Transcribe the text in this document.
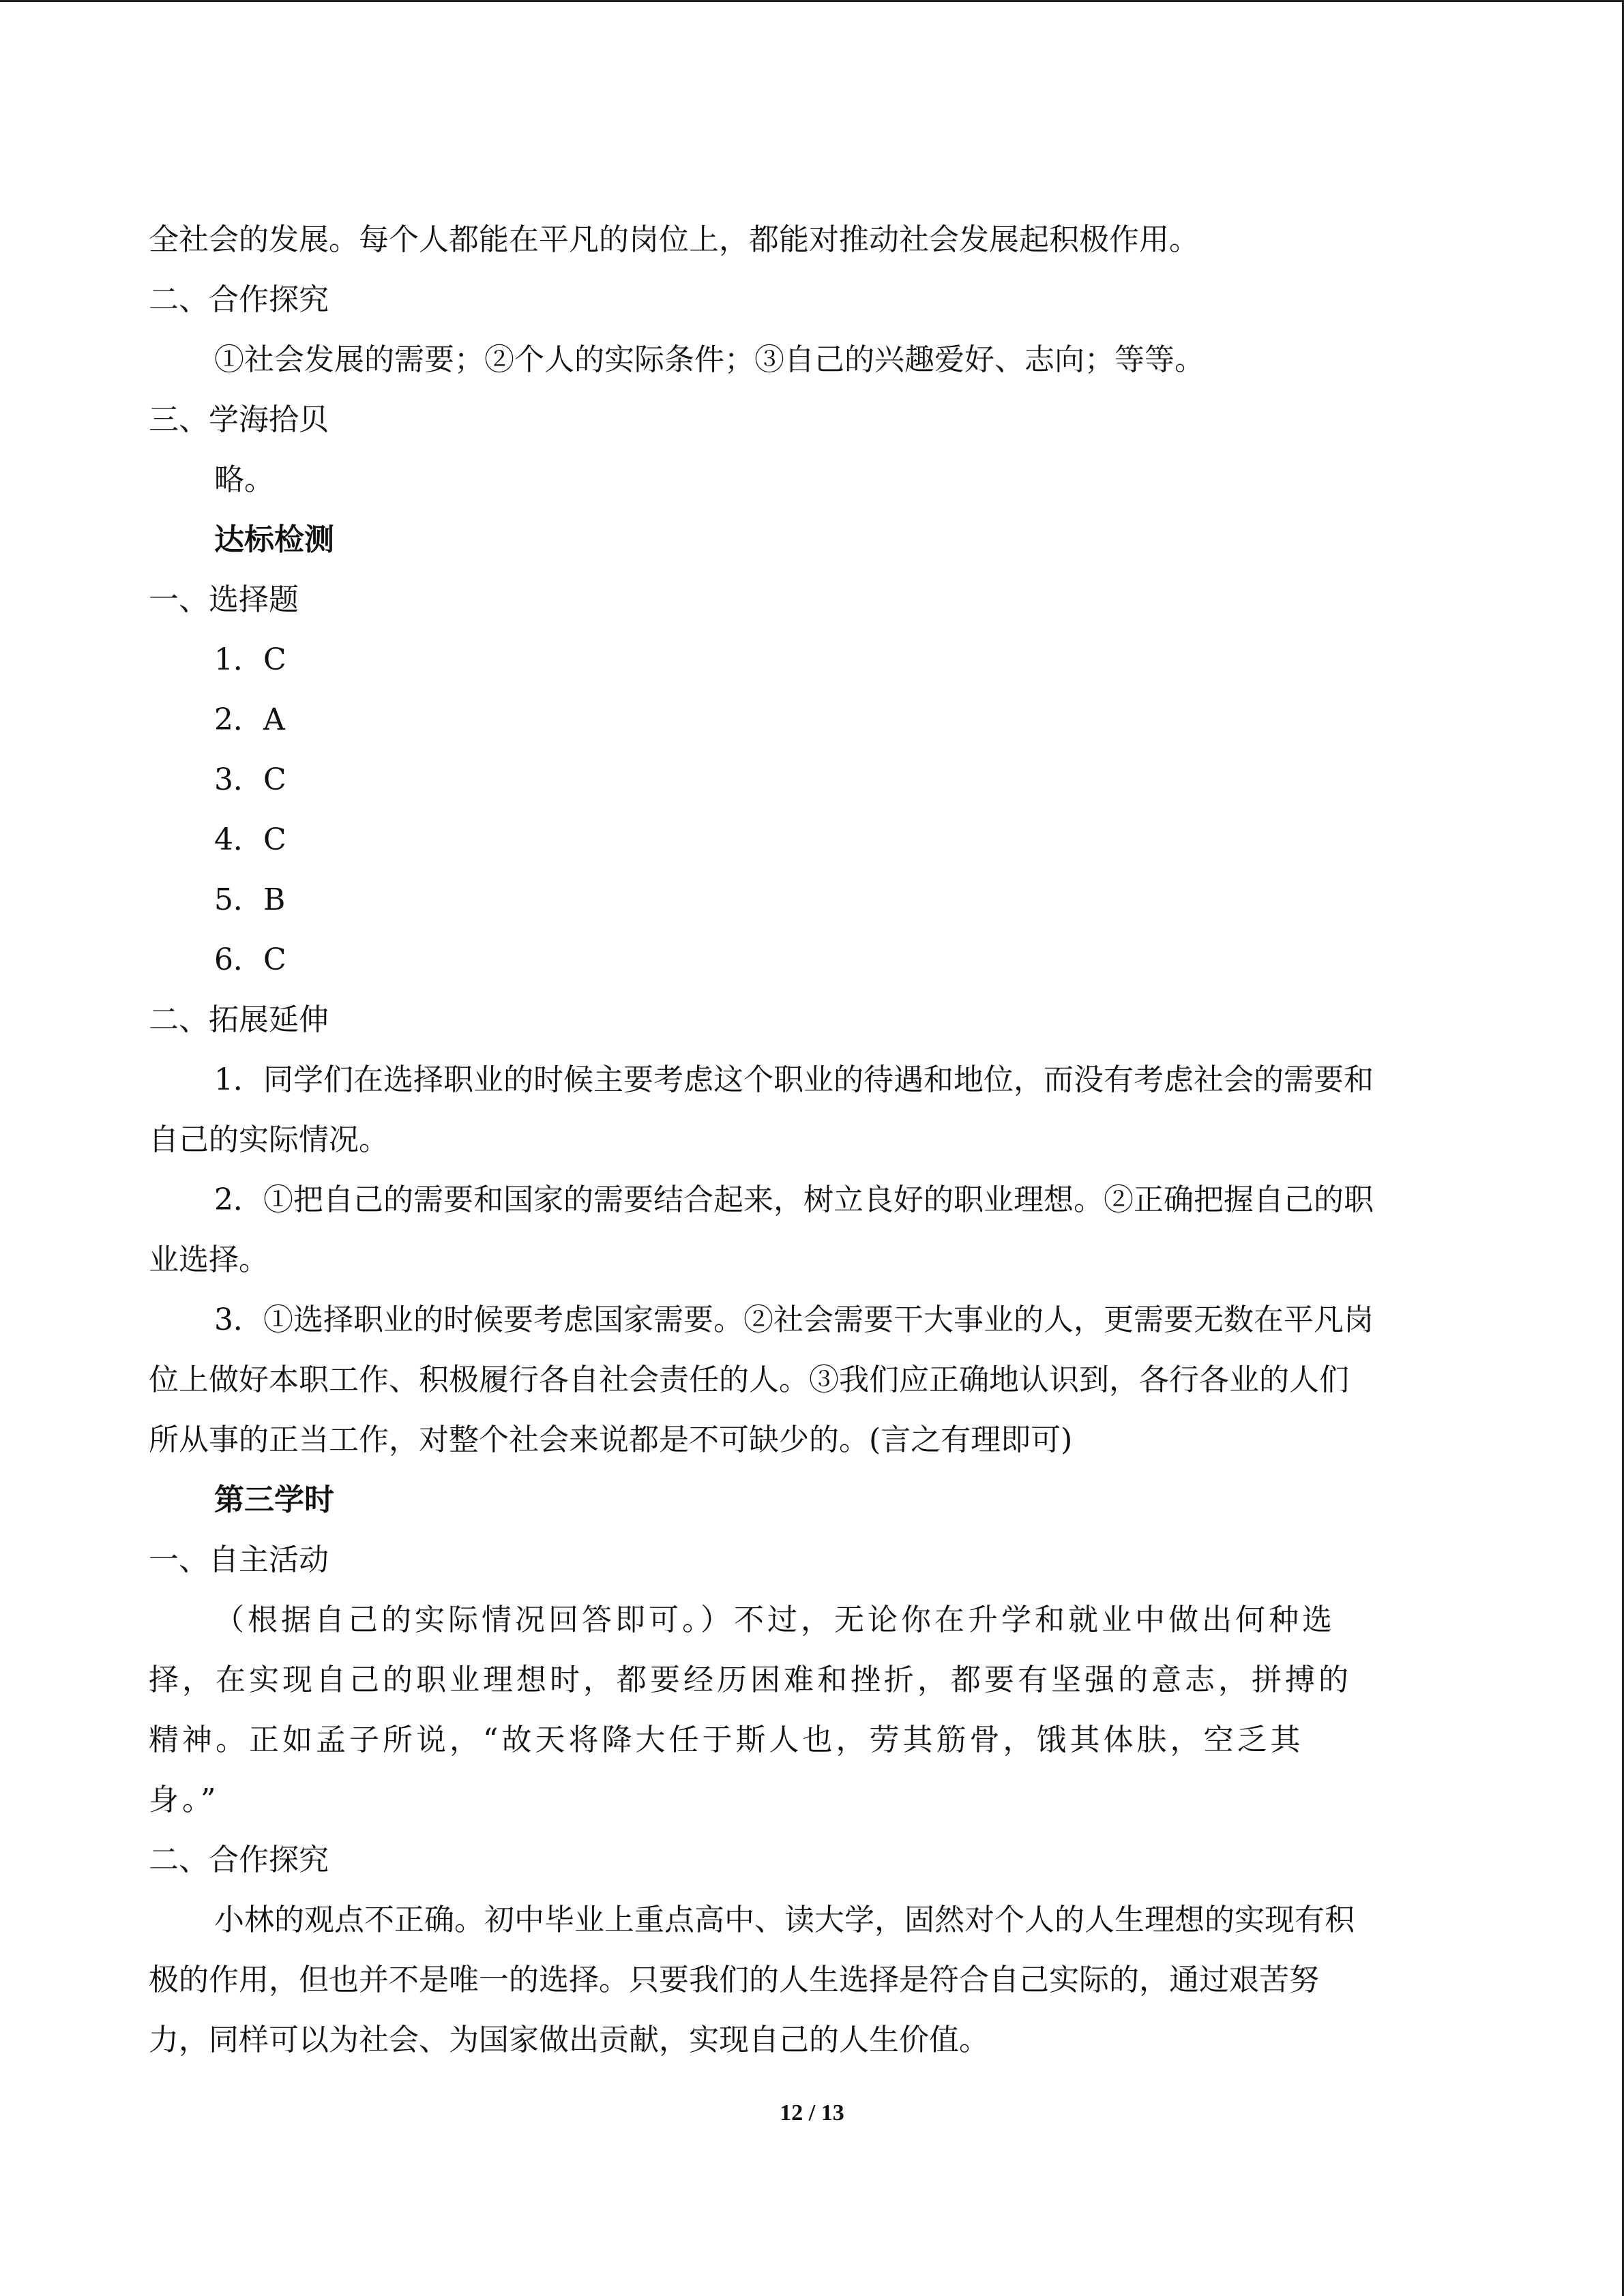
全社会的发展。每个人都能在平凡的岗位上，都能对推动社会发展起积极作用。
二、合作探究
①社会发展的需要；②个人的实际条件；③自己的兴趣爱好、志向；等等。
三、学海拾贝
略。
达标检测
一、选择题
1．C
2．A
3．C
4．C
5．B
6．C
二、拓展延伸
1．同学们在选择职业的时候主要考虑这个职业的待遇和地位，而没有考虑社会的需要和
自己的实际情况。
2．①把自己的需要和国家的需要结合起来，树立良好的职业理想。②正确把握自己的职
业选择。
3．①选择职业的时候要考虑国家需要。②社会需要干大事业的人，更需要无数在平凡岗
位上做好本职工作、积极履行各自社会责任的人。③我们应正确地认识到，各行各业的人们
所从事的正当工作，对整个社会来说都是不可缺少的。(言之有理即可)
第三学时
一、自主活动
（根据自己的实际情况回答即可。）不过，无论你在升学和就业中做出何种选
择，在实现自己的职业理想时，都要经历困难和挫折，都要有坚强的意志，拼搏的
精神。正如孟子所说，“故天将降大任于斯人也，劳其筋骨，饿其体肤，空乏其
身。”
二、合作探究
小林的观点不正确。初中毕业上重点高中、读大学，固然对个人的人生理想的实现有积
极的作用，但也并不是唯一的选择。只要我们的人生选择是符合自己实际的，通过艰苦努
力，同样可以为社会、为国家做出贡献，实现自己的人生价值。
12 / 13
